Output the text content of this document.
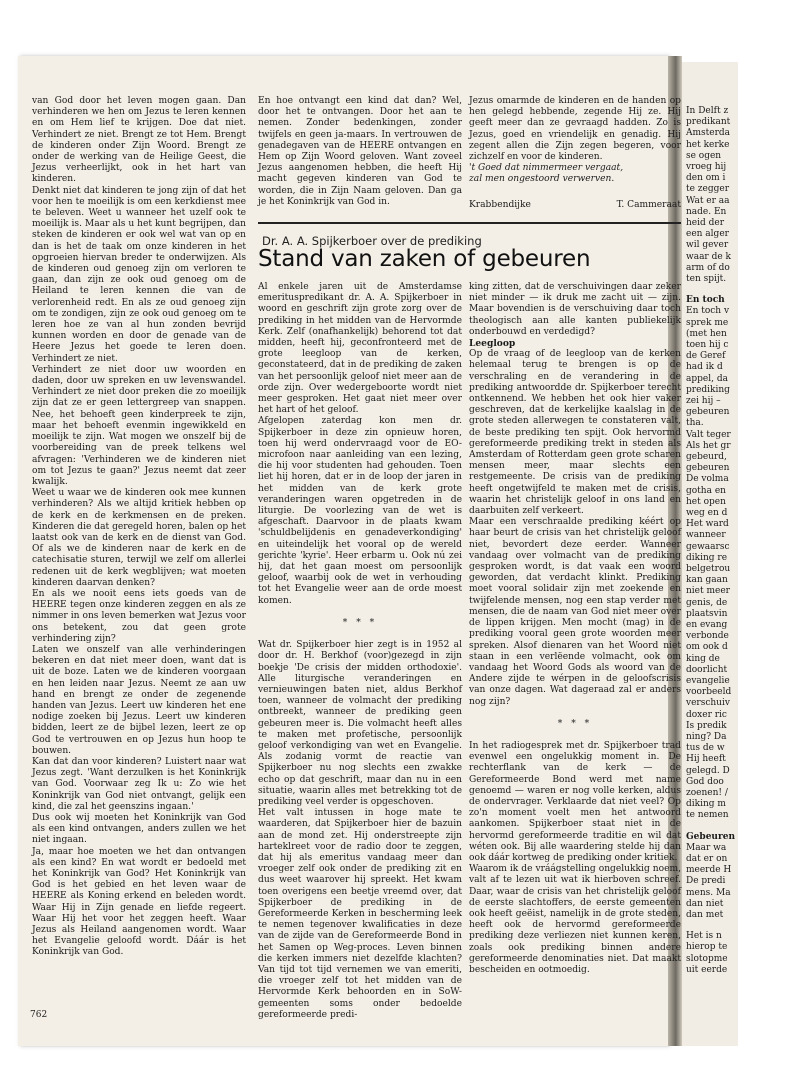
In Delft z
predikant
Amsterda
het kerke
se ogen
vroeg hij
den om i
te zegger
Wat er aa
nade. En
heid der
een alger
wil gever
waar de k
arm of do
ten spijt.
En toch
En toch v
sprek me
(met hen
toen hij c
de Geref
had ik d
appel, da
prediking
zei hij –
gebeuren
tha.
Valt teger
Als het gr
gebeurd,
gebeuren
De volma
gotha en
het open
weg en d
Het ward
wanneer
gewaarsc
diking re
belgetrou
kan gaan
niet meer
genis, de
plaatsvin
en evang
verbonde
om ook d
king de
doorlicht
evangelie
voorbeeld
verschuiv
doxer ric
Is predik
ning? Da
tus de w
Hij heeft
gelegd. D
God doo
zoenen! /
diking m
te nemen
Gebeuren
Maar wa
dat er on
meerde H
De predi
mens. Ma
dan niet
dan met
Het is n
hierop te
slotopme
uit eerde

van God door het leven mogen gaan. Dan verhinderen we hen om Jezus te leren kennen en om Hem lief te krijgen. Doe dat niet. Verhindert ze niet. Brengt ze tot Hem. Brengt de kinderen onder Zijn Woord. Brengt ze onder de werking van de Heilige Geest, die Jezus verheerlijkt, ook in het hart van kinderen.

Denkt niet dat kinderen te jong zijn of dat het voor hen te moeilijk is om een kerkdienst mee te beleven. Weet u wanneer het uzelf ook te moeilijk is. Maar als u het kunt begrijpen, dan steken de kinderen er ook wel wat van op en dan is het de taak om onze kinderen in het opgroeien hiervan breder te onderwijzen. Als de kinderen oud genoeg zijn om verloren te gaan, dan zijn ze ook oud genoeg om de Heiland te leren kennen die van de verlorenheid redt. En als ze oud genoeg zijn om te zondigen, zijn ze ook oud genoeg om te leren hoe ze van al hun zonden bevrijd kunnen worden en door de genade van de Heere Jezus het goede te leren doen. Verhindert ze niet.

Verhindert ze niet door uw woorden en daden, door uw spreken en uw levenswandel. Verhindert ze niet door preken die zo moeilijk zijn dat ze er geen lettergreep van snappen. Nee, het behoeft geen kinderpreek te zijn, maar het behoeft evenmin ingewikkeld en moeilijk te zijn. Wat mogen we onszelf bij de voorbereiding van de preek telkens wel afvragen: 'Verhinderen we de kinderen niet om tot Jezus te gaan?' Jezus neemt dat zeer kwalijk.

Weet u waar we de kinderen ook mee kunnen verhinderen? Als we altijd kritiek hebben op de kerk en de kerkmensen en de preken. Kinderen die dat geregeld horen, balen op het laatst ook van de kerk en de dienst van God. Of als we de kinderen naar de kerk en de catechisatie sturen, terwijl we zelf om allerlei redenen uit de kerk wegblijven; wat moeten kinderen daarvan denken?

En als we nooit eens iets goeds van de HEERE tegen onze kinderen zeggen en als ze nimmer in ons leven bemerken wat Jezus voor ons betekent, zou dat geen grote verhindering zijn?

Laten we onszelf van alle verhinderingen bekeren en dat niet meer doen, want dat is uit de boze. Laten we de kinderen voorgaan en hen leiden naar Jezus. Neemt ze aan uw hand en brengt ze onder de zegenende handen van Jezus. Leert uw kinderen het ene nodige zoeken bij Jezus. Leert uw kinderen bidden, leert ze de bijbel lezen, leert ze op God te vertrouwen en op Jezus hun hoop te bouwen.

Kan dat dan voor kinderen? Luistert naar wat Jezus zegt. 'Want derzulken is het Koninkrijk van God. Voorwaar zeg Ik u: Zo wie het Koninkrijk van God niet ontvangt, gelijk een kind, die zal het geenszins ingaan.'

Dus ook wij moeten het Koninkrijk van God als een kind ontvangen, anders zullen we het niet ingaan.

Ja, maar hoe moeten we het dan ontvangen als een kind? En wat wordt er bedoeld met het Koninkrijk van God? Het Koninkrijk van God is het gebied en het leven waar de HEERE als Koning erkend en beleden wordt. Waar Hij in Zijn genade en liefde regeert. Waar Hij het voor het zeggen heeft. Waar Jezus als Heiland aangenomen wordt. Waar het Evangelie geloofd wordt. Dáár is het Koninkrijk van God.

En hoe ontvangt een kind dat dan? Wel, door het te ontvangen. Door het aan te nemen. Zonder bedenkingen, zonder twijfels en geen ja-maars. In vertrouwen de genadegaven van de HEERE ontvangen en Hem op Zijn Woord geloven. Want zoveel Jezus aangenomen hebben, die heeft Hij macht gegeven kinderen van God te worden, die in Zijn Naam geloven. Dan ga je het Koninkrijk van God in.

Jezus omarmde de kinderen en de handen op hen gelegd hebbende, zegende Hij ze. Hij geeft meer dan ze gevraagd hadden. Zo is Jezus, goed en vriendelijk en genadig. Hij zegent allen die Zijn zegen begeren, voor zichzelf en voor de kinderen.

't Goed dat nimmermeer vergaat,

zal men ongestoord verwerven.

Krabbendijke	T. Cammeraat
Dr. A. A. Spijkerboer over de prediking
Stand van zaken of gebeuren

Al enkele jaren uit de Amsterdamse emerituspredikant dr. A. A. Spijkerboer in woord en geschrift zijn grote zorg over de prediking in het midden van de Hervormde Kerk. Zelf (onafhankelijk) behorend tot dat midden, heeft hij, geconfronteerd met de grote leegloop van de kerken, geconstateerd, dat in de prediking de zaken van het persoonlijk geloof niet meer aan de orde zijn. Over wedergeboorte wordt niet meer gesproken. Het gaat niet meer over het hart of het geloof.

Afgelopen zaterdag kon men dr. Spijkerboer in deze zin opnieuw horen, toen hij werd ondervraagd voor de EO-microfoon naar aanleiding van een lezing, die hij voor studenten had gehouden. Toen liet hij horen, dat er in de loop der jaren in het midden van de kerk grote veranderingen waren opgetreden in de liturgie. De voorlezing van de wet is afgeschaft. Daarvoor in de plaats kwam 'schuldbelijdenis en genadeverkondiging' en uiteindelijk het vooral op de wereld gerichte 'kyrie'. Heer erbarm u. Ook nú zei hij, dat het gaan moest om persoonlijk geloof, waarbij ook de wet in verhouding tot het Evangelie weer aan de orde moest komen.

* * *

Wat dr. Spijkerboer hier zegt is in 1952 al door dr. H. Berkhof (voor)gezegd in zijn boekje 'De crisis der midden orthodoxie'. Alle liturgische veranderingen en vernieuwingen baten niet, aldus Berkhof toen, wanneer de volmacht der prediking ontbreekt, wanneer de prediking geen gebeuren meer is. Die volmacht heeft alles te maken met profetische, persoonlijk geloof verkondiging van wet en Evangelie. Als zodanig vormt de reactie van Spijkerboer nu nog slechts een zwakke echo op dat geschrift, maar dan nu in een situatie, waarin alles met betrekking tot de prediking veel verder is opgeschoven.

Het valt intussen in hoge mate te waarderen, dat Spijkerboer hier de bazuin aan de mond zet. Hij onderstreepte zijn harteklreet voor de radio door te zeggen, dat hij als emeritus vandaag meer dan vroeger zelf ook onder de prediking zit en dus weet waarover hij spreekt. Het kwam toen overigens een beetje vreemd over, dat Spijkerboer de prediking in de Gereformeerde Kerken in bescherming leek te nemen tegenover kwalificaties in deze van de zijde van de Gereformeerde Bond in het Samen op Weg-proces. Leven binnen die kerken immers niet dezelfde klachten? Van tijd tot tijd vernemen we van emeriti, die vroeger zelf tot het midden van de Hervormde Kerk behoorden en in SoW-gemeenten soms onder bedoelde gereformeerde predi-

king zitten, dat de verschuivingen daar zeker niet minder — ik druk me zacht uit — zijn. Maar bovendien is de verschuiving daar toch theologisch aan alle kanten publiekelijk onderbouwd en verdedigd?

Leegloop

Op de vraag of de leegloop van de kerken helemaal terug te brengen is op de verschraling en de verandering in de prediking antwoordde dr. Spijkerboer terecht ontkennend. We hebben het ook hier vaker geschreven, dat de kerkelijke kaalslag in de grote steden allerwegen te constateren valt, de beste prediking ten spijt. Ook hervormd gereformeerde prediking trekt in steden als Amsterdam of Rotterdam geen grote scharen mensen meer, maar slechts een restgemeente. De crisis van de prediking heeft ongetwijfeld te maken met de crisis, waarin het christelijk geloof in ons land en daarbuiten zelf verkeert.

Maar een verschraalde prediking kéért op haar beurt de crisis van het christelijk geloof niet, bevordert deze eerder. Wanneer vandaag over volmacht van de prediking gesproken wordt, is dat vaak een woord geworden, dat verdacht klinkt. Prediking moet vooral solidair zijn met zoekende en twijfelende mensen, nog een stap verder met mensen, die de naam van God niet meer over de lippen krijgen. Men mocht (mag) in de prediking vooral geen grote woorden meer spreken. Alsof dienaren van het Woord niet staan in een verlëende volmacht, ook om vandaag het Woord Gods als woord van de Andere zijde te wérpen in de geloofscrisis van onze dagen. Wat dageraad zal er anders nog zijn?

* * *

In het radiogesprek met dr. Spijkerboer trad evenwel een ongelukkig moment in. De rechterflank van de kerk — de Gereformeerde Bond werd met name genoemd — waren er nog volle kerken, aldus de ondervrager. Verklaarde dat niet veel? Op zo'n moment voelt men het antwoord aankomen. Spijkerboer staat niet in de hervormd gereformeerde traditie en wil dat wéten ook. Bij alle waardering stelde hij dan ook dáár kortweg de prediking onder kritiek.

Waarom ik de vráágstelling ongelukkig noem, valt af te lezen uit wat ik hierboven schreef. Daar, waar de crisis van het christelijk geloof de eerste slachtoffers, de eerste gemeenten ook heeft geëist, namelijk in de grote steden, heeft ook de hervormd gereformeerde prediking deze verliezen niet kunnen keren, zoals ook prediking binnen andere gereformeerde denominaties niet. Dat maakt bescheiden en ootmoedig.

762
